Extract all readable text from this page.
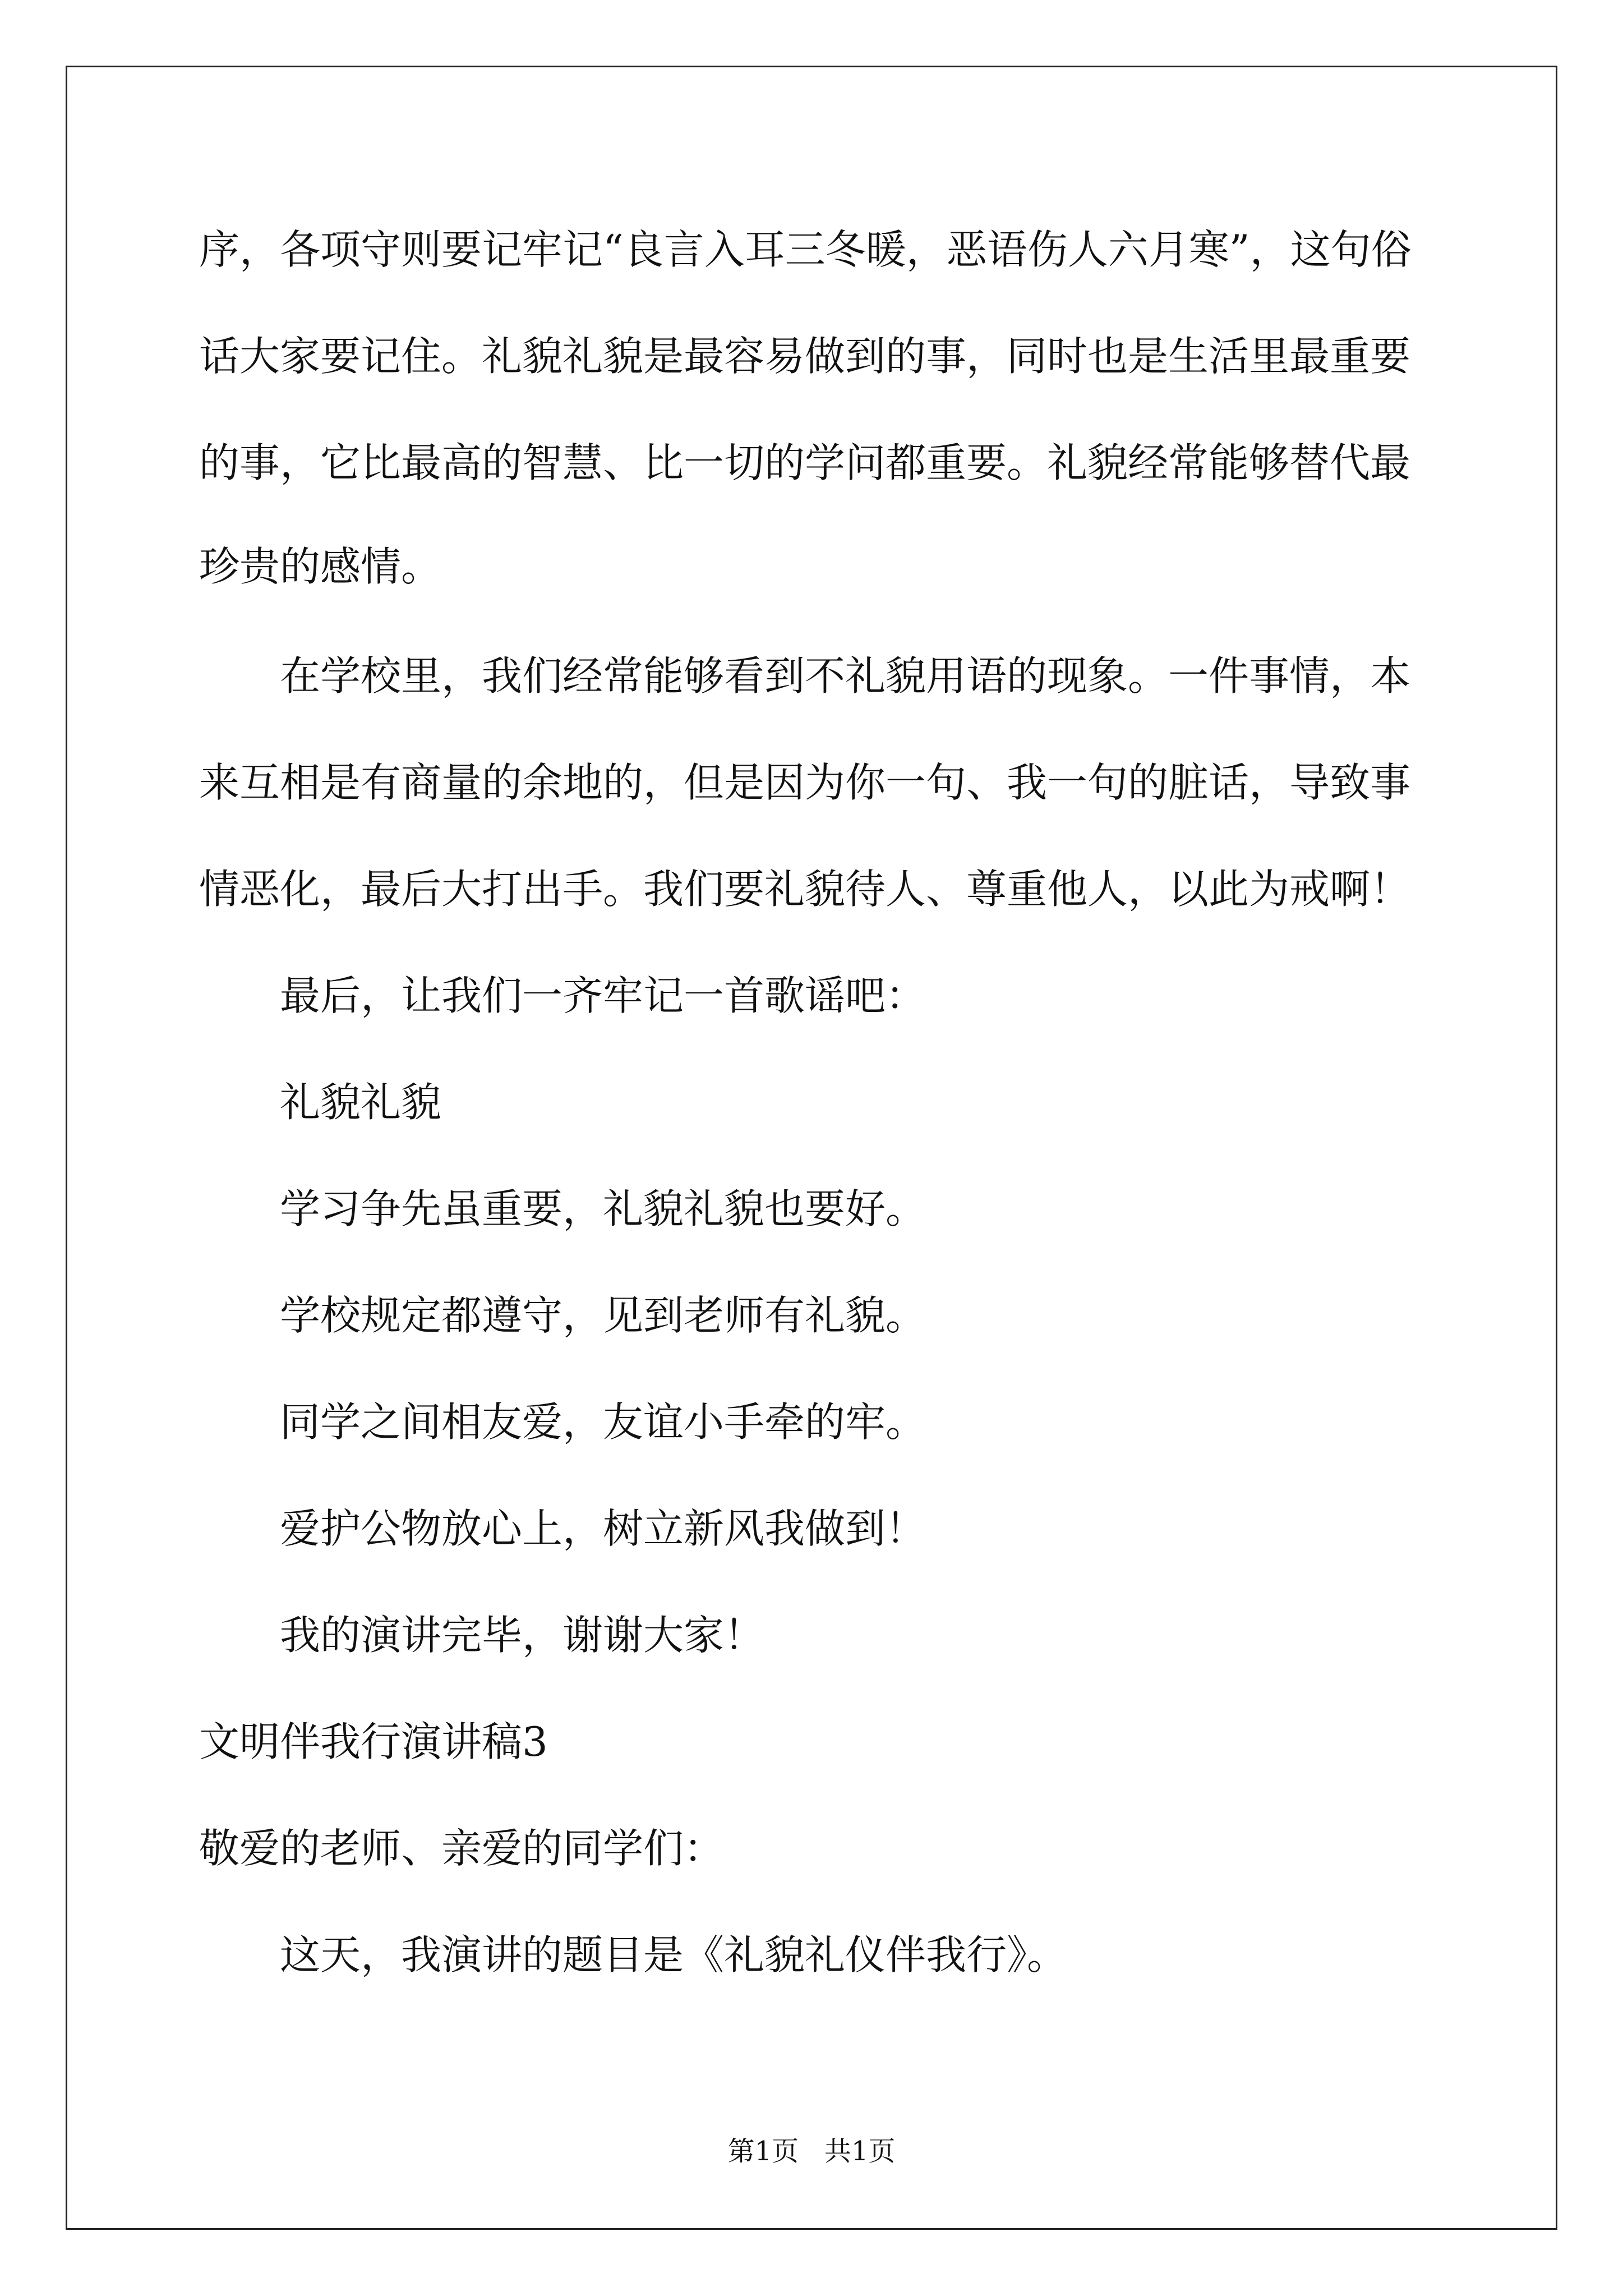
序，各项守则要记牢记“良言入耳三冬暖，恶语伤人六月寒”，这句俗
话大家要记住。礼貌礼貌是最容易做到的事，同时也是生活里最重要
的事，它比最高的智慧、比一切的学问都重要。礼貌经常能够替代最
珍贵的感情。
在学校里，我们经常能够看到不礼貌用语的现象。一件事情，本
来互相是有商量的余地的，但是因为你一句、我一句的脏话，导致事
情恶化，最后大打出手。我们要礼貌待人、尊重他人，以此为戒啊！
最后，让我们一齐牢记一首歌谣吧：
礼貌礼貌
学习争先虽重要，礼貌礼貌也要好。
学校规定都遵守，见到老师有礼貌。
同学之间相友爱，友谊小手牵的牢。
爱护公物放心上，树立新风我做到！
我的演讲完毕，谢谢大家！
文明伴我行演讲稿3
敬爱的老师、亲爱的同学们：
这天，我演讲的题目是《礼貌礼仪伴我行》。
第1页   共1页
